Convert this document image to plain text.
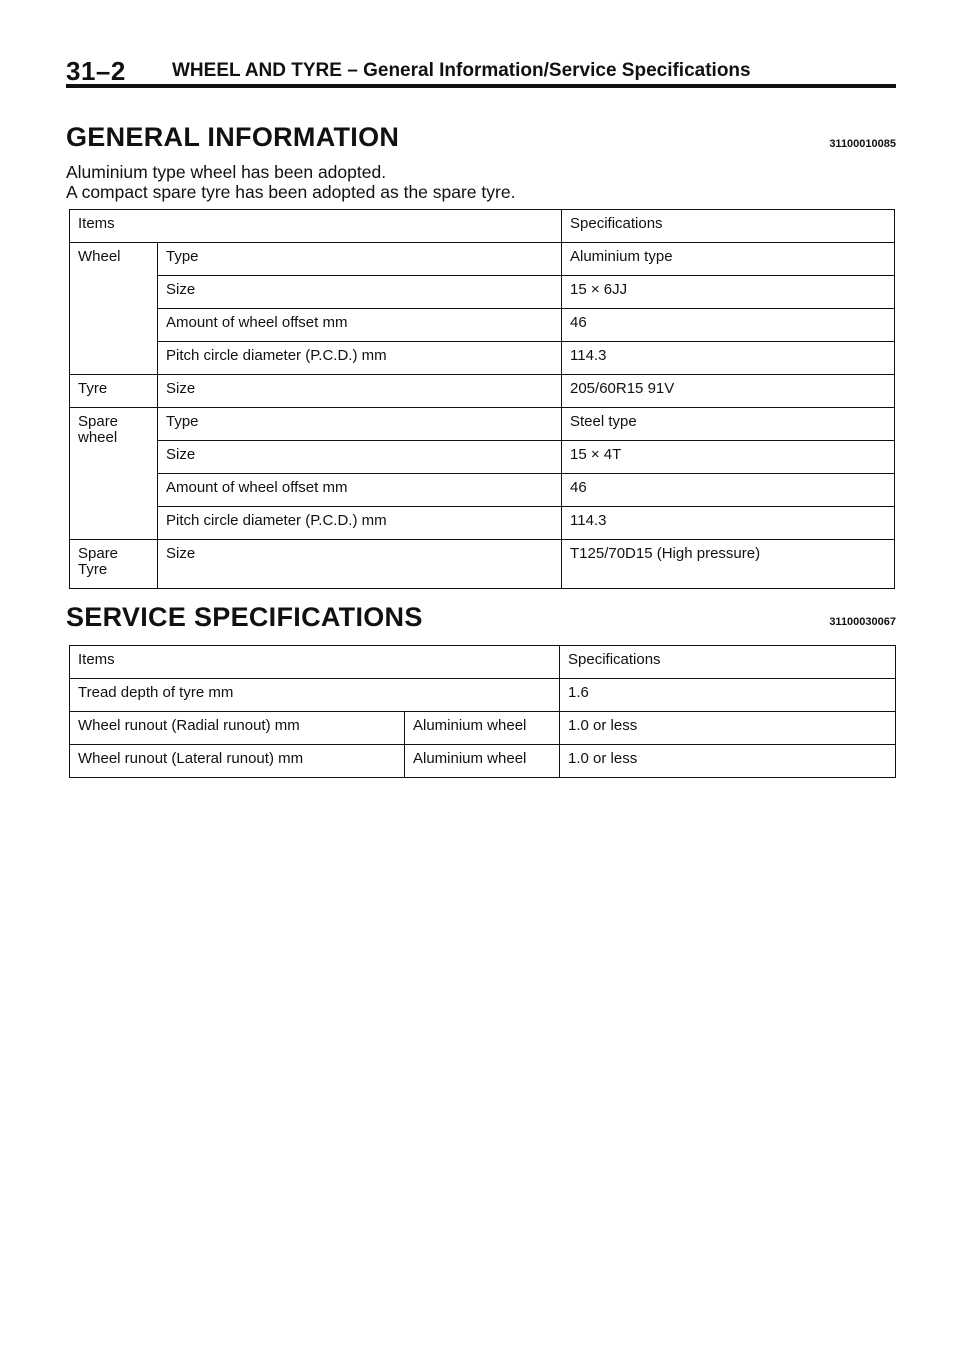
31–2 WHEEL AND TYRE – General Information/Service Specifications
GENERAL INFORMATION	31100010085
Aluminium type wheel has been adopted.
A compact spare tyre has been adopted as the spare tyre.
Items		Specifications
Wheel	Type	Aluminium type
	Size	15 × 6JJ
	Amount of wheel offset mm	46
	Pitch circle diameter (P.C.D.) mm	114.3
Tyre	Size	205/60R15 91V
Spare wheel	Type	Steel type
	Size	15 × 4T
	Amount of wheel offset mm	46
	Pitch circle diameter (P.C.D.) mm	114.3
Spare Tyre	Size	T125/70D15 (High pressure)
SERVICE SPECIFICATIONS	31100030067
Items		Specifications
Tread depth of tyre mm		1.6
Wheel runout (Radial runout) mm	Aluminium wheel	1.0 or less
Wheel runout (Lateral runout) mm	Aluminium wheel	1.0 or less
